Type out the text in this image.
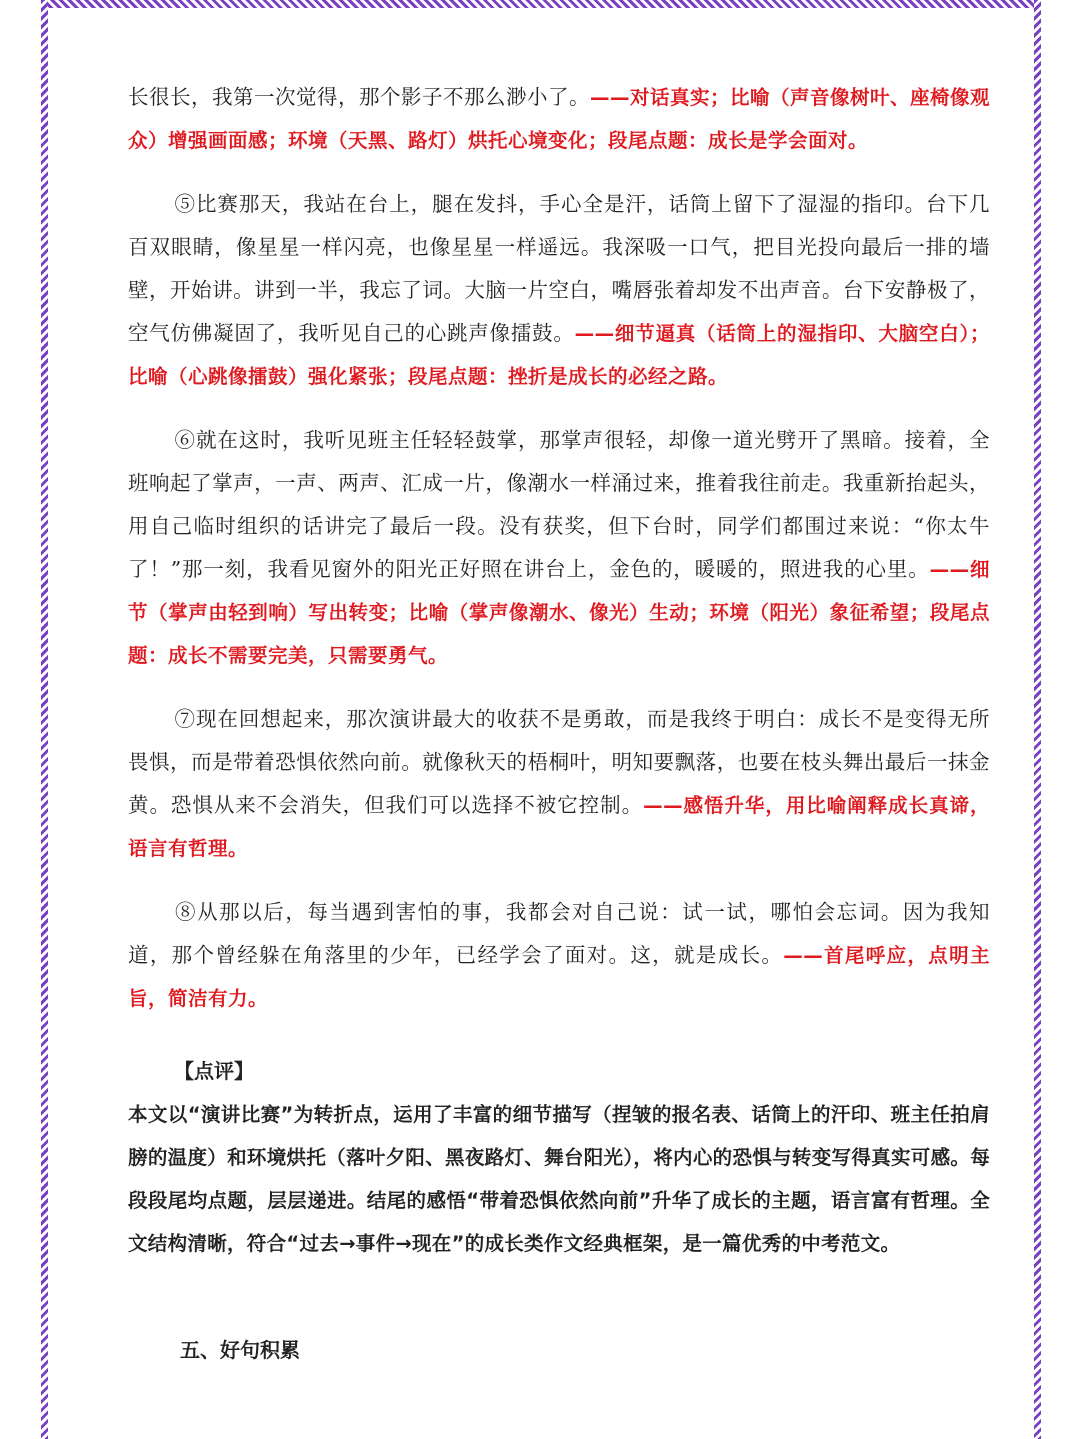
长很长，我第一次觉得，那个影子不那么渺小了。——对话真实；比喻（声音像树叶、座椅像观众）增强画面感；环境（天黑、路灯）烘托心境变化；段尾点题：成长是学会面对。

⑤比赛那天，我站在台上，腿在发抖，手心全是汗，话筒上留下了湿湿的指印。台下几百双眼睛，像星星一样闪亮，也像星星一样遥远。我深吸一口气，把目光投向最后一排的墙壁，开始讲。讲到一半，我忘了词。大脑一片空白，嘴唇张着却发不出声音。台下安静极了，空气仿佛凝固了，我听见自己的心跳声像擂鼓。——细节逼真（话筒上的湿指印、大脑空白）；比喻（心跳像擂鼓）强化紧张；段尾点题：挫折是成长的必经之路。

⑥就在这时，我听见班主任轻轻鼓掌，那掌声很轻，却像一道光劈开了黑暗。接着，全班响起了掌声，一声、两声、汇成一片，像潮水一样涌过来，推着我往前走。我重新抬起头，用自己临时组织的话讲完了最后一段。没有获奖，但下台时，同学们都围过来说：“你太牛了！”那一刻，我看见窗外的阳光正好照在讲台上，金色的，暖暖的，照进我的心里。——细节（掌声由轻到响）写出转变；比喻（掌声像潮水、像光）生动；环境（阳光）象征希望；段尾点题：成长不需要完美，只需要勇气。

⑦现在回想起来，那次演讲最大的收获不是勇敢，而是我终于明白：成长不是变得无所畏惧，而是带着恐惧依然向前。就像秋天的梧桐叶，明知要飘落，也要在枝头舞出最后一抹金黄。恐惧从来不会消失，但我们可以选择不被它控制。——感悟升华，用比喻阐释成长真谛，语言有哲理。

⑧从那以后，每当遇到害怕的事，我都会对自己说：试一试，哪怕会忘词。因为我知道，那个曾经躲在角落里的少年，已经学会了面对。这，就是成长。——首尾呼应，点明主旨，简洁有力。

【点评】

本文以“演讲比赛”为转折点，运用了丰富的细节描写（捏皱的报名表、话筒上的汗印、班主任拍肩膀的温度）和环境烘托（落叶夕阳、黑夜路灯、舞台阳光），将内心的恐惧与转变写得真实可感。每段段尾均点题，层层递进。结尾的感悟“带着恐惧依然向前”升华了成长的主题，语言富有哲理。全文结构清晰，符合“过去→事件→现在”的成长类作文经典框架，是一篇优秀的中考范文。

五、好句积累
